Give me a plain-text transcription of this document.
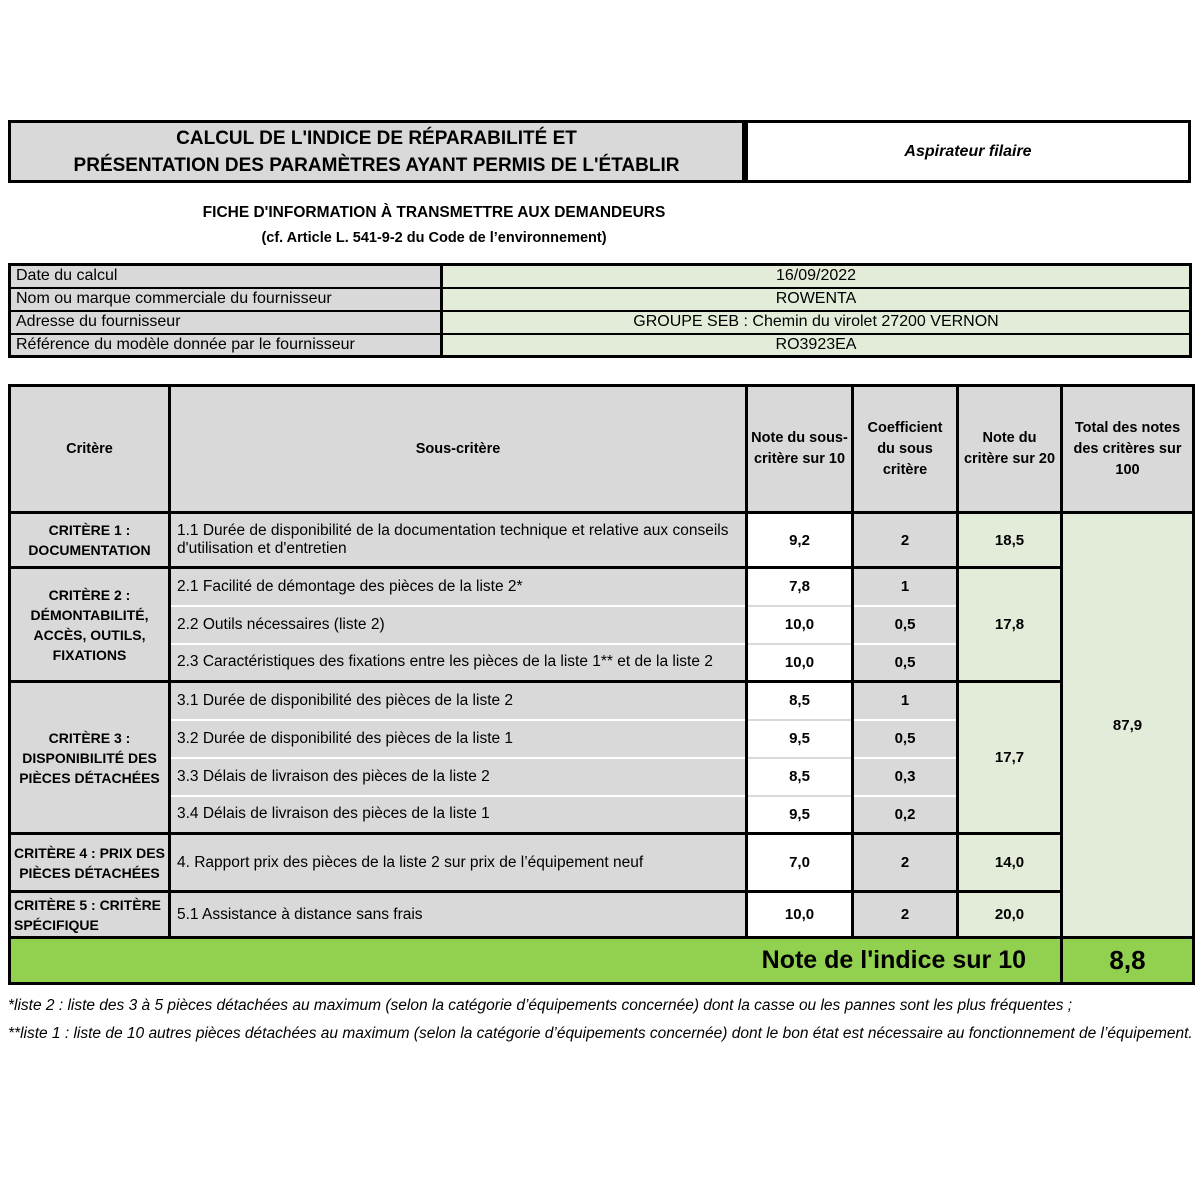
CALCUL DE L'INDICE DE RÉPARABILITÉ ET
PRÉSENTATION DES PARAMÈTRES AYANT PERMIS DE L'ÉTABLIR
Aspirateur filaire
FICHE D'INFORMATION À TRANSMETTRE AUX DEMANDEURS
(cf. Article L. 541-9-2 du Code de l’environnement)
Date du calcul	16/09/2022
Nom ou marque commerciale du fournisseur	ROWENTA
Adresse du fournisseur	GROUPE SEB : Chemin du virolet 27200 VERNON
Référence du modèle donnée par le fournisseur	RO3923EA
Critère	Sous-critère	Note du sous-critère sur 10	Coefficient du sous critère	Note du critère sur 20	Total des notes des critères sur 100
CRITÈRE 1 : DOCUMENTATION	1.1 Durée de disponibilité de la documentation technique et relative aux conseils d'utilisation et d'entretien	9,2	2	18,5	87,9
CRITÈRE 2 : DÉMONTABILITÉ, ACCÈS, OUTILS, FIXATIONS	2.1 Facilité de démontage des pièces de la liste 2*	7,8	1	17,8	
	2.2 Outils nécessaires (liste 2)	10,0	0,5		
	2.3 Caractéristiques des fixations entre les pièces de la liste 1** et de la liste 2	10,0	0,5		
CRITÈRE 3 : DISPONIBILITÉ DES PIÈCES DÉTACHÉES	3.1 Durée de disponibilité des pièces de la liste 2	8,5	1	17,7	
	3.2 Durée de disponibilité des pièces de la liste 1	9,5	0,5		
	3.3 Délais de livraison des pièces de la liste 2	8,5	0,3		
	3.4 Délais de livraison des pièces de la liste 1	9,5	0,2		
CRITÈRE 4 : PRIX DES PIÈCES DÉTACHÉES	4. Rapport prix des pièces de la liste 2 sur prix de l’équipement neuf	7,0	2	14,0	

CRITÈRE 5 : CRITÈRE SPÉCIFIQUE	5.1 Assistance à distance sans frais	10,0	2	20,0	
Note de l'indice sur 10					8,8

*liste 2 : liste des 3 à 5 pièces détachées au maximum (selon la catégorie d’équipements concernée) dont la casse ou les pannes sont les plus fréquentes ;

**liste 1 : liste de 10 autres pièces détachées au maximum (selon la catégorie d’équipements concernée) dont le bon état est nécessaire au fonctionnement de l’équipement.
